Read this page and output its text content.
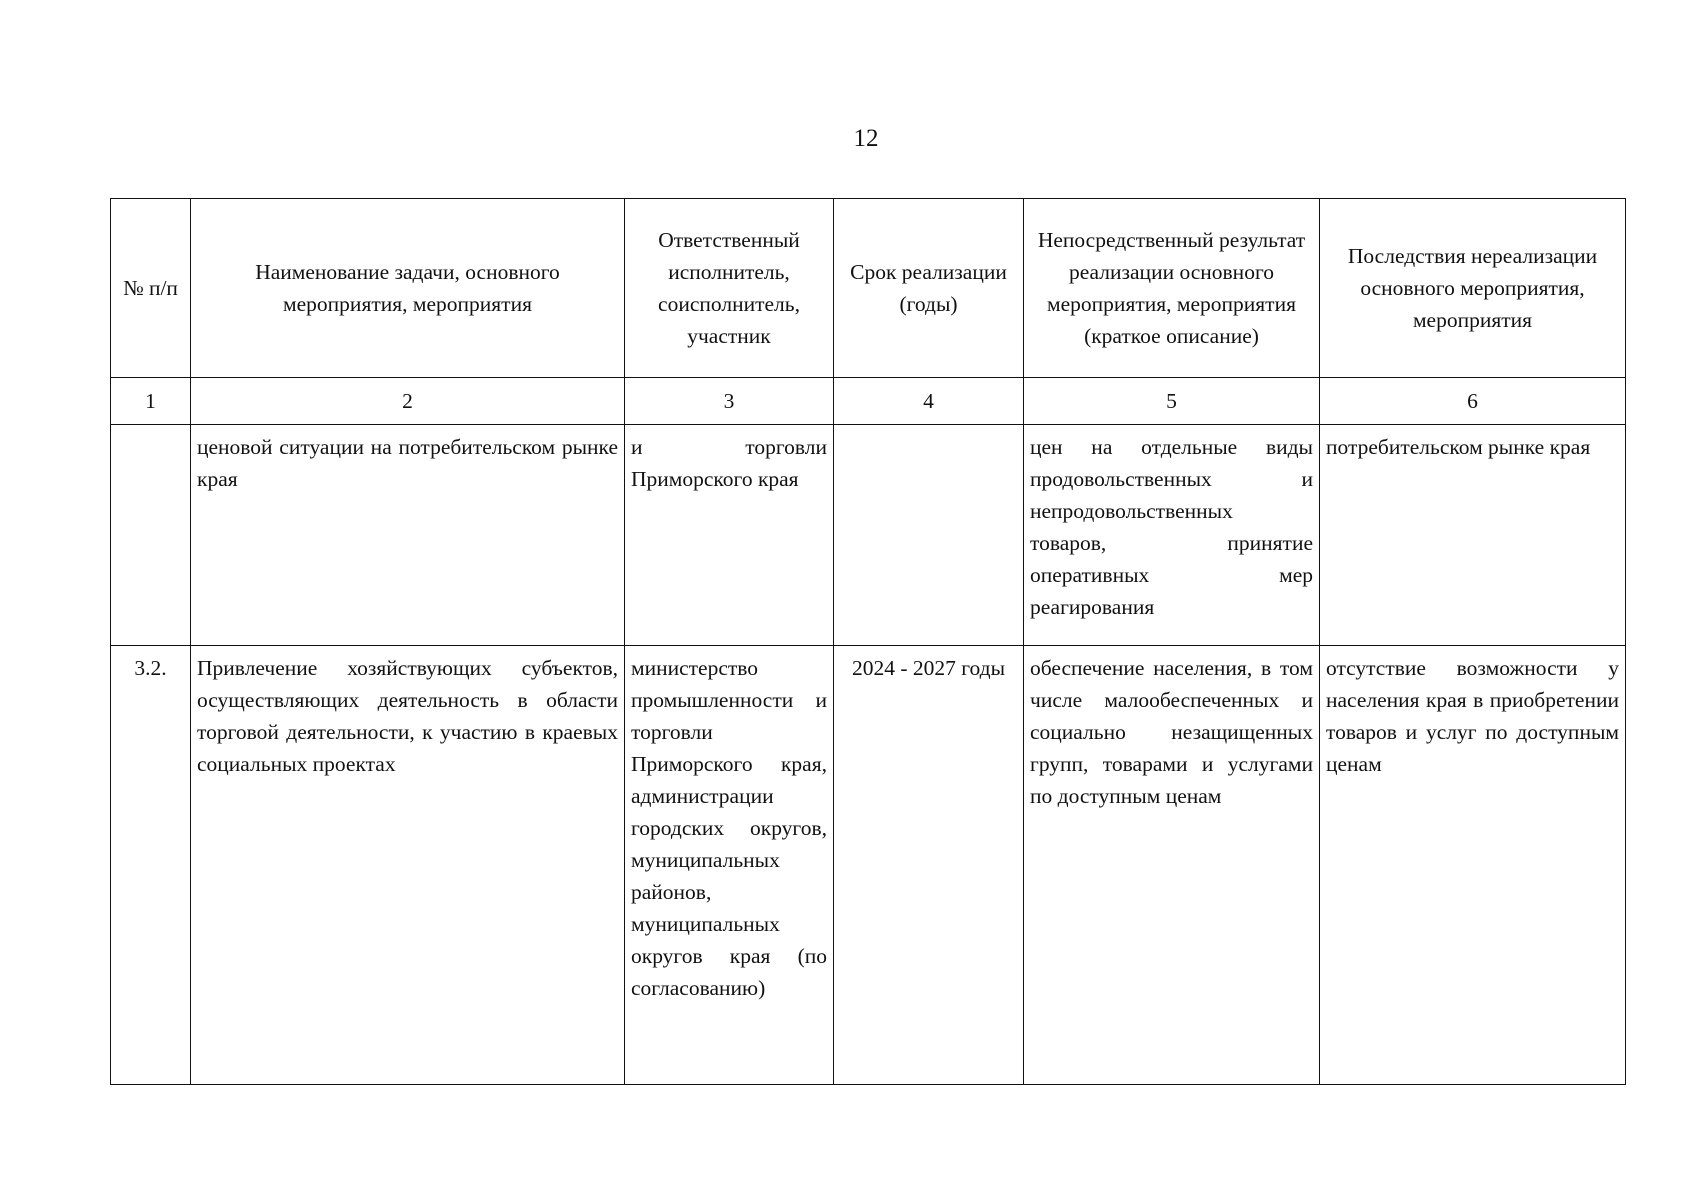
12
№ п/п	Наименование задачи, основного мероприятия, мероприятия	Ответственный исполнитель, соисполнитель, участник	Срок реализации (годы)	Непосредственный результат реализации основного мероприятия, мероприятия (краткое описание)	Последствия нереализации основного мероприятия, мероприятия
1	2	3	4	5	6
	ценовой ситуации на потребительском рынке края	и торговли Приморского края		цен на отдельные виды продовольственных и непродовольственных товаров, принятие оперативных мер реагирования	потребительском рынке края
3.2.	Привлечение хозяйствующих субъектов, осуществляющих деятельность в области торговой деятельности, к участию в краевых социальных проектах	министерство промышленности и торговли Приморского края, администрации городских округов, муниципальных районов, муниципальных округов края (по согласованию)	2024 - 2027 годы	обеспечение населения, в том числе малообеспеченных и социально незащищенных групп, товарами и услугами по доступным ценам	отсутствие возможности у населения края в приобретении товаров и услуг по доступным ценам
